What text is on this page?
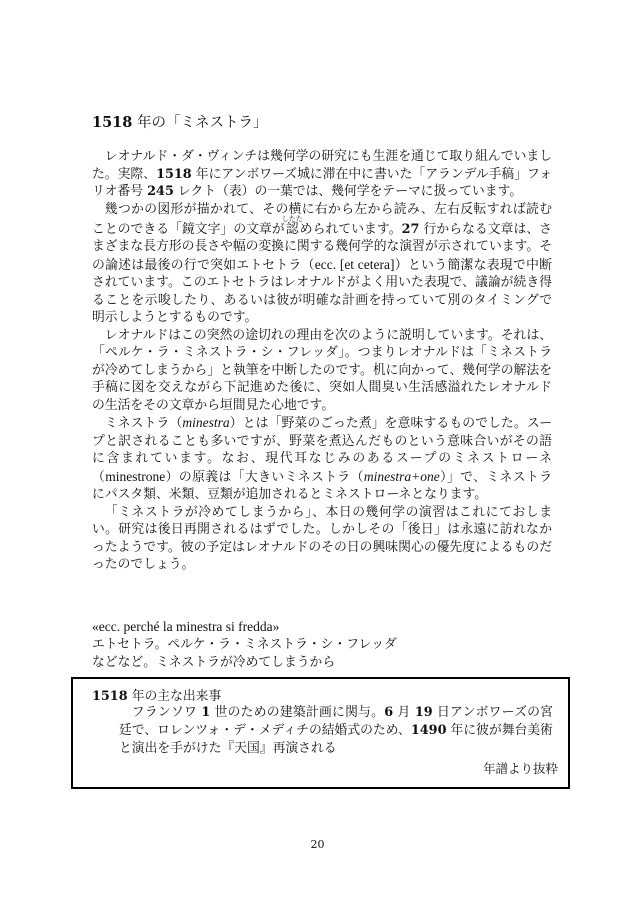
1518 年の「ミネストラ」

レオナルド・ダ・ヴィンチは幾何学の研究にも生涯を通じて取り組んでいました。実際、1518 年にアンボワーズ城に滞在中に書いた「アランデル手稿」フォリオ番号 245 レクト（表）の一葉では、幾何学をテーマに扱っています。

幾つかの図形が描かれて、その横に右から左から読み、左右反転すれば読むことのできる「鏡文字」の文章が認したためられています。27 行からなる文章は、さまざまな長方形の長さや幅の変換に関する幾何学的な演習が示されています。その論述は最後の行で突如エトセトラ（ecc. [et cetera]）という簡潔な表現で中断されています。このエトセトラはレオナルドがよく用いた表現で、議論が続き得ることを示唆したり、あるいは彼が明確な計画を持っていて別のタイミングで明示しようとするものです。

レオナルドはこの突然の途切れの理由を次のように説明しています。それは、「ペルケ・ラ・ミネストラ・シ・フレッダ」。つまりレオナルドは「ミネストラが冷めてしまうから」と執筆を中断したのです。机に向かって、幾何学の解法を手稿に図を交えながら下記進めた後に、突如人間臭い生活感溢れたレオナルドの生活をその文章から垣間見た心地です。

ミネストラ（minestra）とは「野菜のごった煮」を意味するものでした。スープと訳されることも多いですが、野菜を煮込んだものという意味合いがその語に含まれています。なお、現代耳なじみのあるスープのミネストローネ（minestrone）の原義は「大きいミネストラ（minestra+one）」で、ミネストラにパスタ類、米類、豆類が追加されるとミネストローネとなります。

「ミネストラが冷めてしまうから」、本日の幾何学の演習はこれにておしまい。研究は後日再開されるはずでした。しかしその「後日」は永遠に訪れなかったようです。彼の予定はレオナルドのその日の興味関心の優先度によるものだったのでしょう。

«ecc. perché la minestra si fredda»
エトセトラ。ペルケ・ラ・ミネストラ・シ・フレッダ
などなど。ミネストラが冷めてしまうから
1518 年の主な出来事
フランソワ 1 世のための建築計画に関与。6 月 19 日アンボワーズの宮廷で、ロレンツォ・デ・メディチの結婚式のため、1490 年に彼が舞台美術と演出を手がけた『天国』再演される
年譜より抜粋
20
